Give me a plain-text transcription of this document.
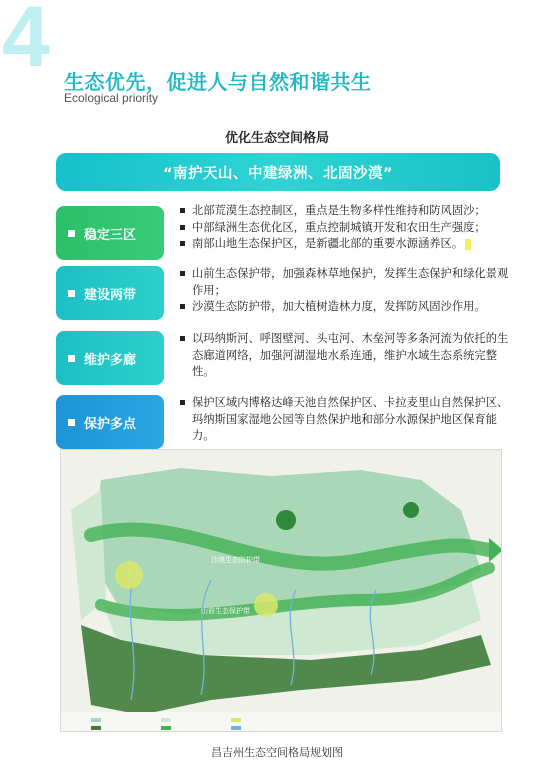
4 生态优先，促进人与自然和谐共生
Ecological priority
优化生态空间格局
“南护天山、中建绿洲、北固沙漠”
稳定三区
北部荒漠生态控制区，重点是生物多样性维持和防风固沙；
中部绿洲生态优化区，重点控制城镇开发和农田生产强度；
南部山地生态保护区，是新疆北部的重要水源涵养区。
建设两带
山前生态保护带，加强森林草地保护，发挥生态保护和绿化景观 作用；
沙漠生态防护带，加大植树造林力度，发挥防风固沙作用。
维护多廊
以玛纳斯河、呼图壁河、头屯河、木垒河等多条河流为依托的生态廊道网络，加强河湖湿地水系连通，维护水域生态系统完整性。
保护多点
保护区域内博格达峰天池自然保护区、卡拉麦里山自然保护区、玛纳斯国家湿地公园等自然保护地和部分水源保护地区保育能力。
沙漠生态防护带
山前生态保护带
昌吉州生态空间格局规划图
